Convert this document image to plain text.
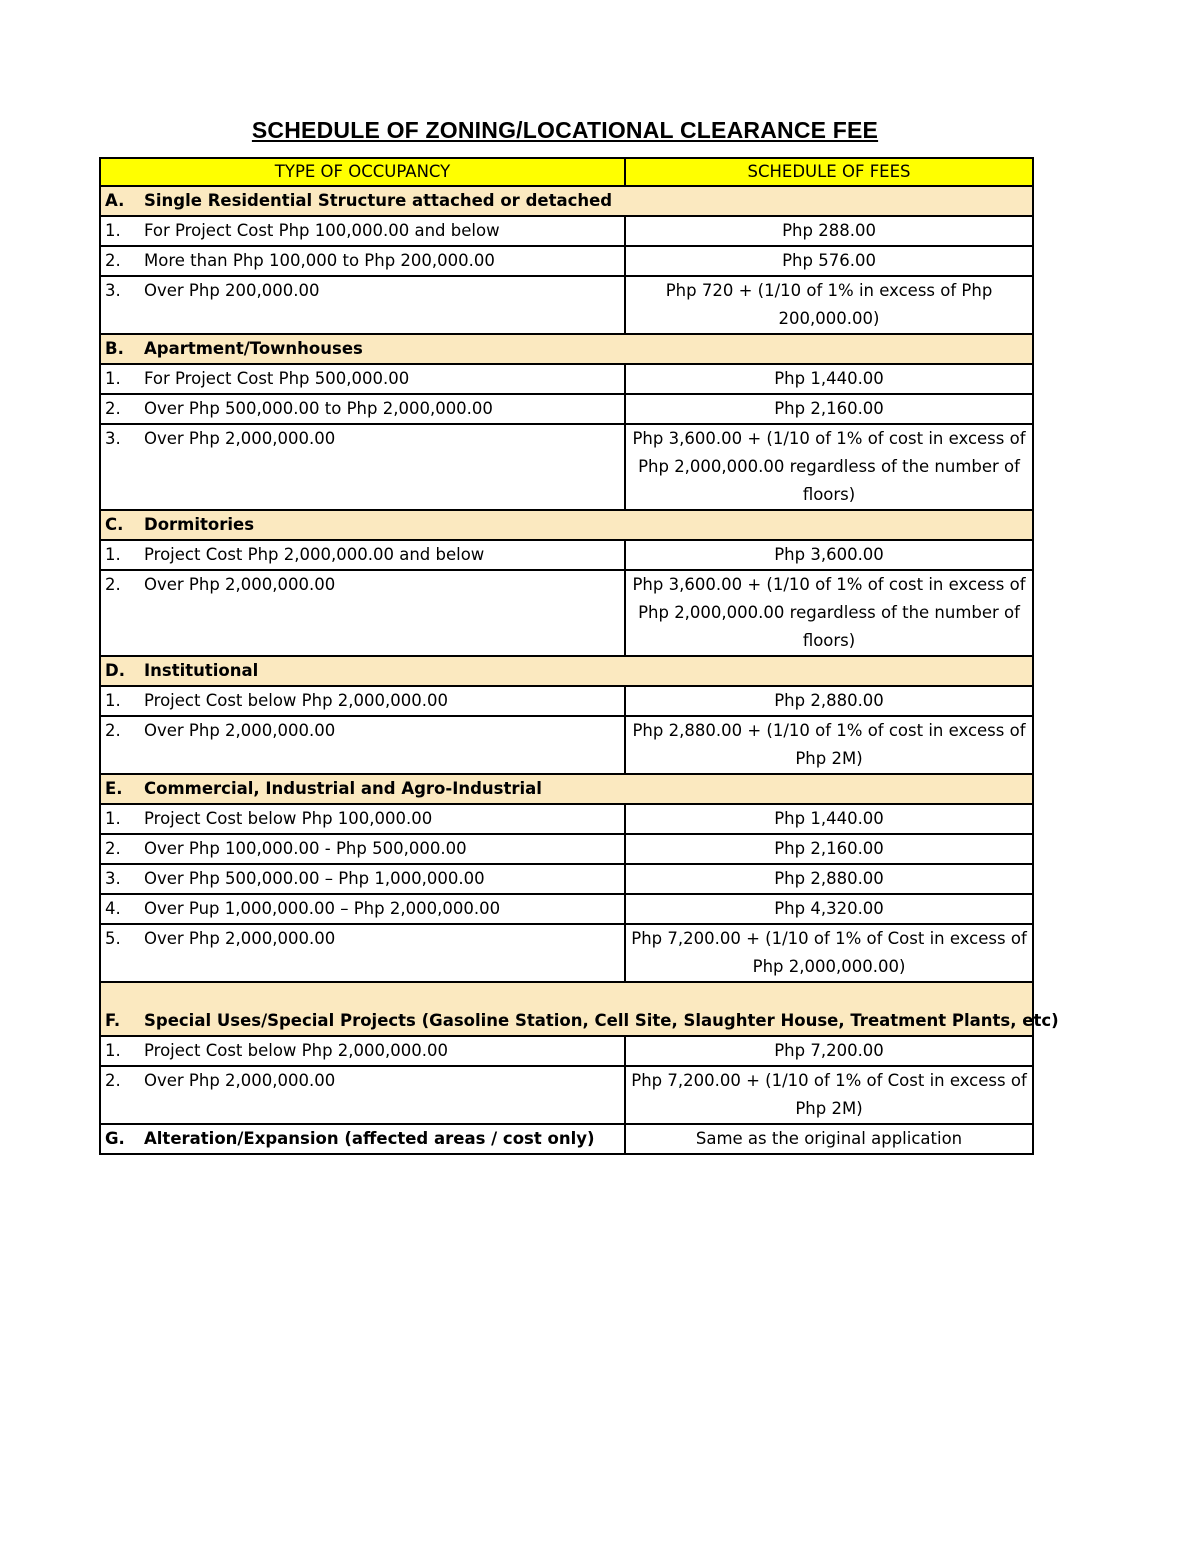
SCHEDULE OF ZONING/LOCATIONAL CLEARANCE FEE
TYPE OF OCCUPANCY		SCHEDULE OF FEES
A.	Single Residential Structure attached or detached	
1.	For Project Cost Php 100,000.00 and below	Php 288.00
2.	More than Php 100,000 to Php 200,000.00	Php 576.00
3.	Over Php 200,000.00	Php 720 + (1/10 of 1% in excess of Php 200,000.00)
B.	Apartment/Townhouses	
1.	For Project Cost Php 500,000.00	Php 1,440.00
2.	Over Php 500,000.00 to Php 2,000,000.00	Php 2,160.00
3.	Over Php 2,000,000.00	Php 3,600.00 + (1/10 of 1% of cost in excess of Php 2,000,000.00 regardless of the number of floors)
C.	Dormitories	
1.	Project Cost Php 2,000,000.00 and below	Php 3,600.00
2.	Over Php 2,000,000.00	Php 3,600.00 + (1/10 of 1% of cost in excess of Php 2,000,000.00 regardless of the number of floors)
D.	Institutional	
1.	Project Cost below Php 2,000,000.00	Php 2,880.00
2.	Over Php 2,000,000.00	Php 2,880.00 + (1/10 of 1% of cost in excess of Php 2M)
E.	Commercial, Industrial and Agro-Industrial	
1.	Project Cost below Php 100,000.00	Php 1,440.00
2.	Over Php 100,000.00 - Php 500,000.00	Php 2,160.00
3.	Over Php 500,000.00 – Php 1,000,000.00	Php 2,880.00
4.	Over Pup 1,000,000.00 – Php 2,000,000.00	Php 4,320.00
5.	Over Php 2,000,000.00	Php 7,200.00 + (1/10 of 1% of Cost in excess of Php 2,000,000.00)
F.	Special Uses/Special Projects (Gasoline Station, Cell Site, Slaughter House, Treatment Plants, etc)	
1.	Project Cost below Php 2,000,000.00	Php 7,200.00
2.	Over Php 2,000,000.00	Php 7,200.00 + (1/10 of 1% of Cost in excess of Php 2M)
G.	Alteration/Expansion (affected areas / cost only)	Same as the original application
